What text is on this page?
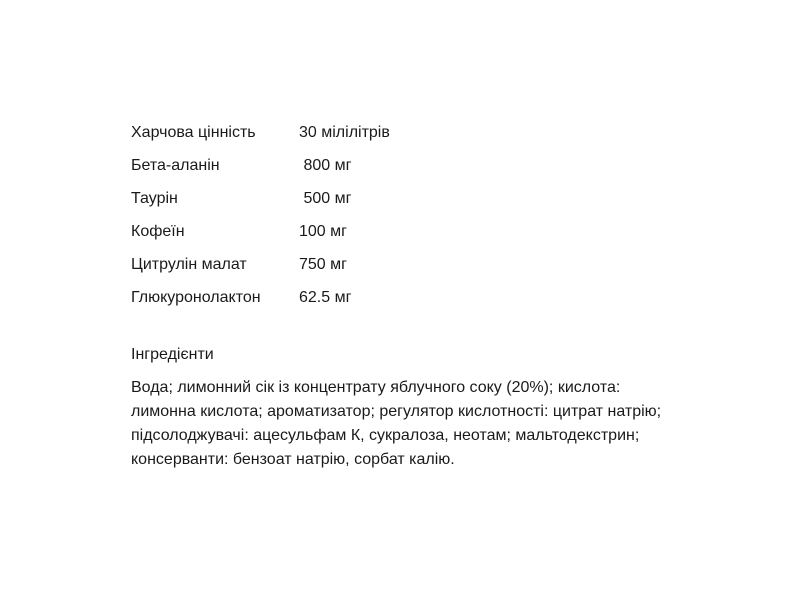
Харчова цінність	30 мілілітрів
Бета-аланін	800 мг
Таурін	500 мг
Кофеїн	100 мг
Цитрулін малат	750 мг
Глюкуронолактон	62.5 мг
Інгредієнти

Вода; лимонний сік із концентрату яблучного соку (20%); кислота: лимонна кислота; ароматизатор; регулятор кислотності: цитрат натрію; підсолоджувачі: ацесульфам К, сукралоза, неотам; мальтодекстрин; консерванти: бензоат натрію, сорбат калію.
